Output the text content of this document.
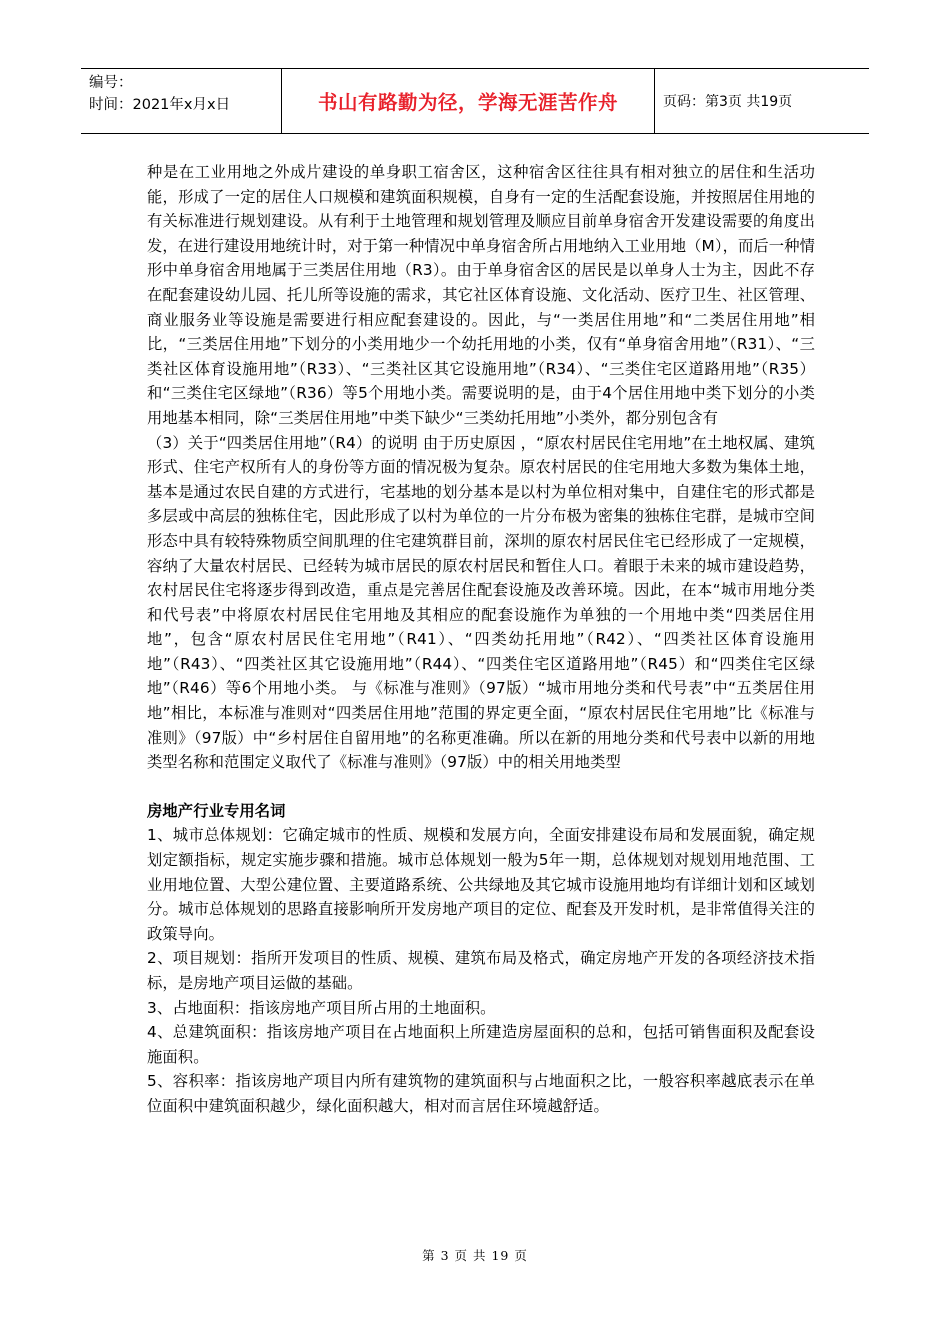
编号：
时间：2021年x月x日	书山有路勤为径，学海无涯苦作舟	页码：第3页 共19页

种是在工业用地之外成片建设的单身职工宿舍区，这种宿舍区往往具有相对独立的居住和生活功能，形成了一定的居住人口规模和建筑面积规模，自身有一定的生活配套设施，并按照居住用地的有关标准进行规划建设。从有利于土地管理和规划管理及顺应目前单身宿舍开发建设需要的角度出发，在进行建设用地统计时，对于第一种情况中单身宿舍所占用地纳入工业用地（M），而后一种情形中单身宿舍用地属于三类居住用地（R3）。由于单身宿舍区的居民是以单身人士为主，因此不存在配套建设幼儿园、托儿所等设施的需求，其它社区体育设施、文化活动、医疗卫生、社区管理、商业服务业等设施是需要进行相应配套建设的。因此，与“一类居住用地”和“二类居住用地”相比，“三类居住用地”下划分的小类用地少一个幼托用地的小类，仅有“单身宿舍用地”（R31）、“三类社区体育设施用地”（R33）、“三类社区其它设施用地”（R34）、“三类住宅区道路用地”（R35）和“三类住宅区绿地”（R36）等5个用地小类。需要说明的是，由于4个居住用地中类下划分的小类用地基本相同，除“三类居住用地”中类下缺少“三类幼托用地”小类外，都分别包含有

（3）关于“四类居住用地”（R4）的说明 由于历史原因 ，“原农村居民住宅用地”在土地权属、建筑形式、住宅产权所有人的身份等方面的情况极为复杂。原农村居民的住宅用地大多数为集体土地，基本是通过农民自建的方式进行，宅基地的划分基本是以村为单位相对集中，自建住宅的形式都是多层或中高层的独栋住宅，因此形成了以村为单位的一片分布极为密集的独栋住宅群，是城市空间形态中具有较特殊物质空间肌理的住宅建筑群目前，深圳的原农村居民住宅已经形成了一定规模，容纳了大量农村居民、已经转为城市居民的原农村居民和暂住人口。着眼于未来的城市建设趋势，农村居民住宅将逐步得到改造，重点是完善居住配套设施及改善环境。因此，在本“城市用地分类和代号表”中将原农村居民住宅用地及其相应的配套设施作为单独的一个用地中类“四类居住用地”，包含“原农村居民住宅用地”（R41）、“四类幼托用地”（R42）、“四类社区体育设施用地”（R43）、“四类社区其它设施用地”（R44）、“四类住宅区道路用地”（R45）和“四类住宅区绿地”（R46）等6个用地小类。 与《标准与准则》（97版）“城市用地分类和代号表”中“五类居住用地”相比，本标准与准则对“四类居住用地”范围的界定更全面，“原农村居民住宅用地”比《标准与准则》（97版）中“乡村居住自留用地”的名称更准确。所以在新的用地分类和代号表中以新的用地类型名称和范围定义取代了《标准与准则》（97版）中的相关用地类型

房地产行业专用名词

1、城市总体规划：它确定城市的性质、规模和发展方向，全面安排建设布局和发展面貌，确定规划定额指标，规定实施步骤和措施。城市总体规划一般为5年一期，总体规划对规划用地范围、工业用地位置、大型公建位置、主要道路系统、公共绿地及其它城市设施用地均有详细计划和区域划分。城市总体规划的思路直接影响所开发房地产项目的定位、配套及开发时机，是非常值得关注的政策导向。

2、项目规划：指所开发项目的性质、规模、建筑布局及格式，确定房地产开发的各项经济技术指标，是房地产项目运做的基础。

3、占地面积：指该房地产项目所占用的土地面积。

4、总建筑面积：指该房地产项目在占地面积上所建造房屋面积的总和，包括可销售面积及配套设施面积。

5、容积率：指该房地产项目内所有建筑物的建筑面积与占地面积之比，一般容积率越底表示在单位面积中建筑面积越少，绿化面积越大，相对而言居住环境越舒适。

第 3 页 共 19 页
